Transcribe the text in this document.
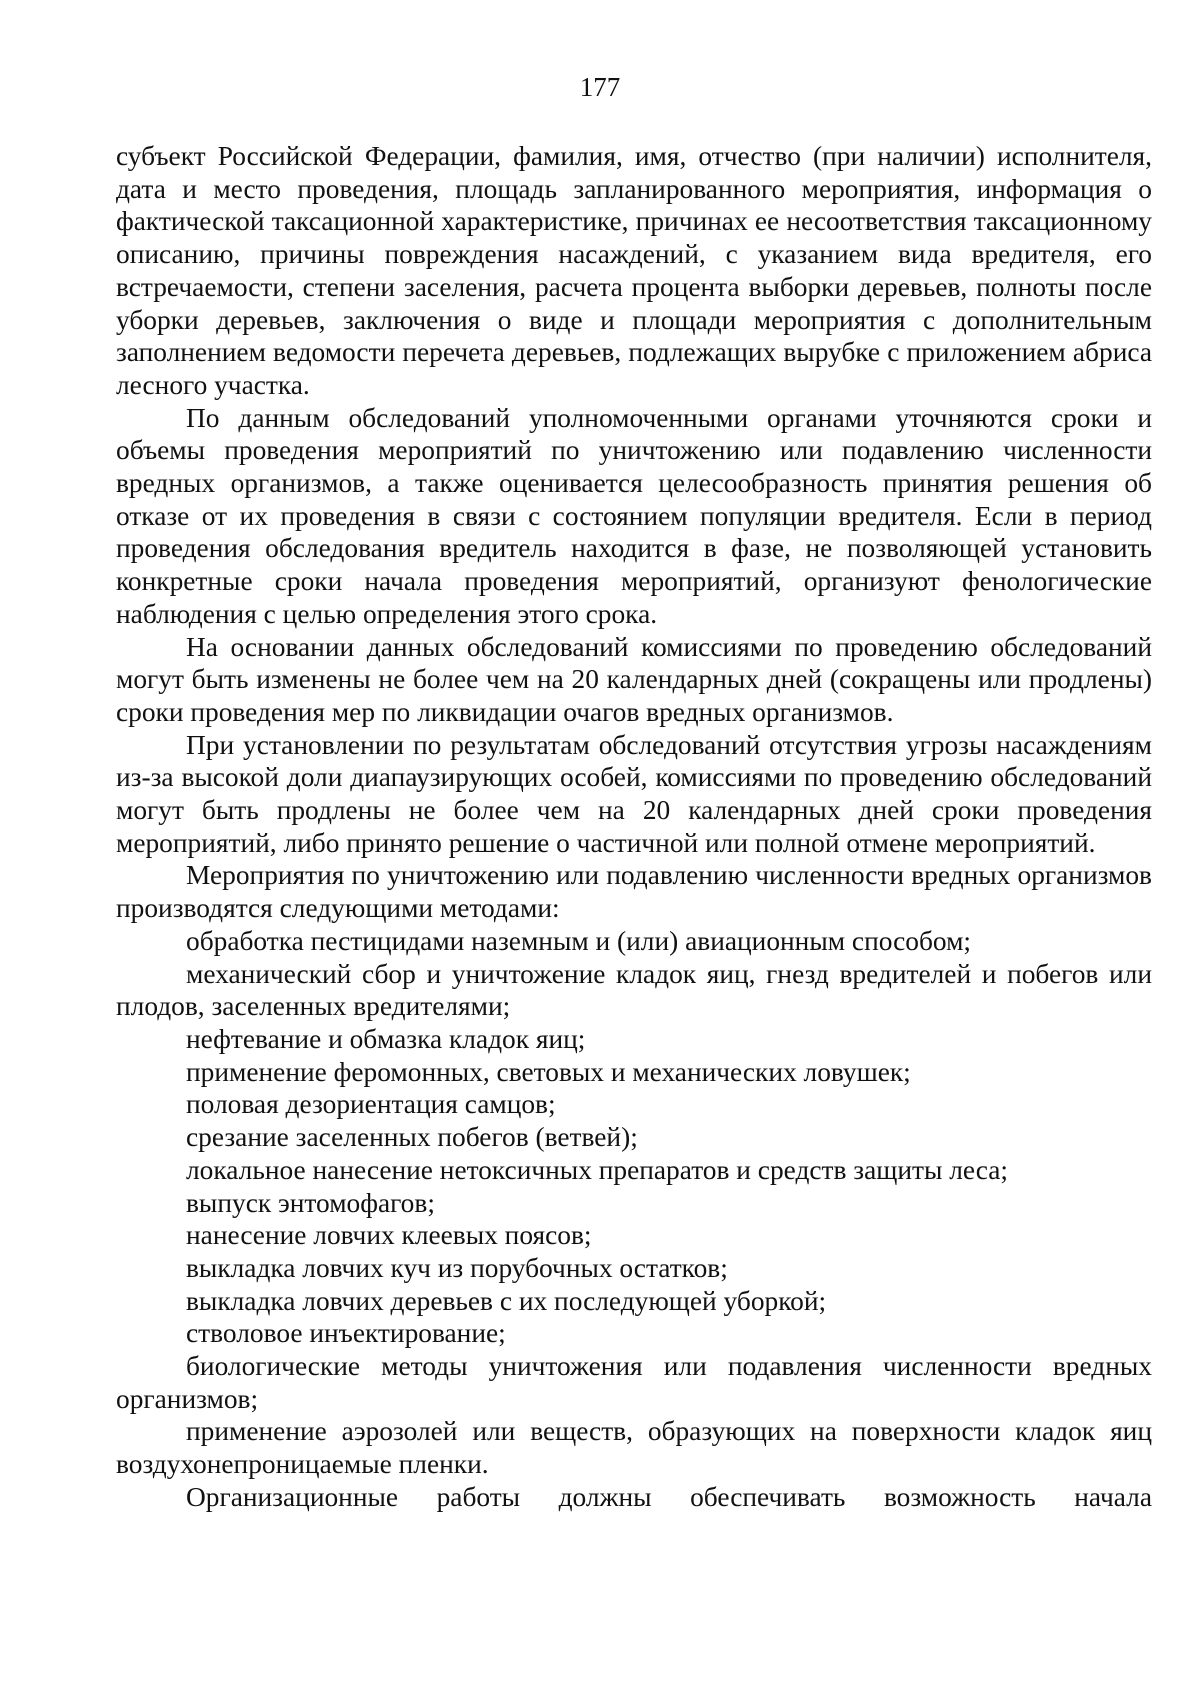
177

субъект Российской Федерации, фамилия, имя, отчество (при наличии) исполнителя, дата и место проведения, площадь запланированного мероприятия, информация о фактической таксационной характеристике, причинах ее несоответствия таксационному описанию, причины повреждения насаждений, с указанием вида вредителя, его встречаемости, степени заселения, расчета процента выборки деревьев, полноты после уборки деревьев, заключения о виде и площади мероприятия с дополнительным заполнением ведомости перечета деревьев, подлежащих вырубке с приложением абриса лесного участка.

По данным обследований уполномоченными органами уточняются сроки и объемы проведения мероприятий по уничтожению или подавлению численности вредных организмов, а также оценивается целесообразность принятия решения об отказе от их проведения в связи с состоянием популяции вредителя. Если в период проведения обследования вредитель находится в фазе, не позволяющей установить конкретные сроки начала проведения мероприятий, организуют фенологические наблюдения с целью определения этого срока.

На основании данных обследований комиссиями по проведению обследований могут быть изменены не более чем на 20 календарных дней (сокращены или продлены) сроки проведения мер по ликвидации очагов вредных организмов.

При установлении по результатам обследований отсутствия угрозы насаждениям из-за высокой доли диапаузирующих особей, комиссиями по проведению обследований могут быть продлены не более чем на 20 календарных дней сроки проведения мероприятий, либо принято решение о частичной или полной отмене мероприятий.

Мероприятия по уничтожению или подавлению численности вредных организмов производятся следующими методами:

обработка пестицидами наземным и (или) авиационным способом;

механический сбор и уничтожение кладок яиц, гнезд вредителей и побегов или плодов, заселенных вредителями;

нефтевание и обмазка кладок яиц;

применение феромонных, световых и механических ловушек;

половая дезориентация самцов;

срезание заселенных побегов (ветвей);

локальное нанесение нетоксичных препаратов и средств защиты леса;

выпуск энтомофагов;

нанесение ловчих клеевых поясов;

выкладка ловчих куч из порубочных остатков;

выкладка ловчих деревьев с их последующей уборкой;

стволовое инъектирование;

биологические методы уничтожения или подавления численности вредных организмов;

применение аэрозолей или веществ, образующих на поверхности кладок яиц воздухонепроницаемые пленки.

Организационные работы должны обеспечивать возможность начала
